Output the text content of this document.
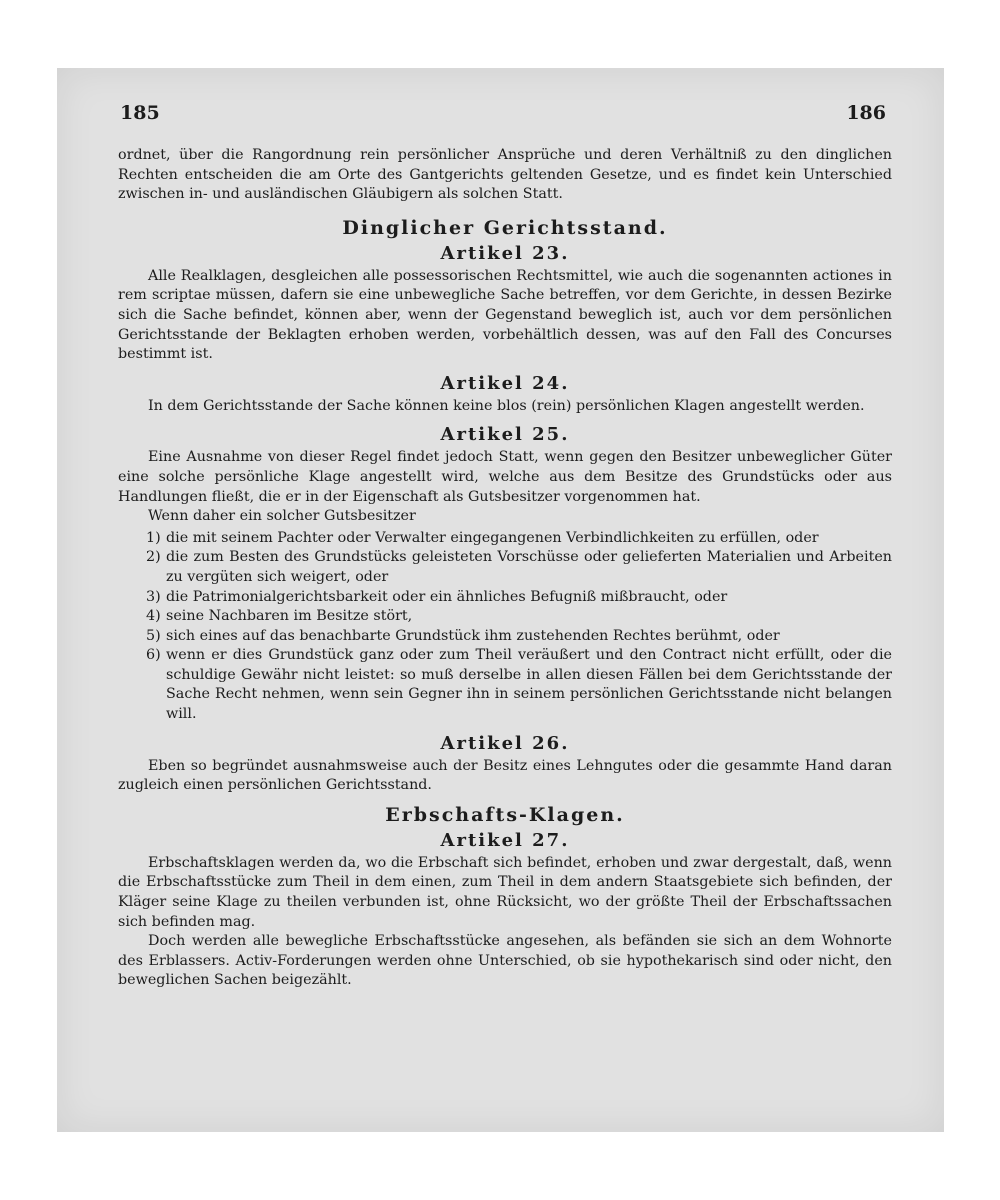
185	186

ordnet, über die Rangordnung rein persönlicher Ansprüche und deren Verhältniß zu den dinglichen Rechten entscheiden die am Orte des Gantgerichts geltenden Gesetze, und es findet kein Unterschied zwischen in- und ausländischen Gläubigern als solchen Statt.

Dinglicher Gerichtsstand.
Artikel 23.

Alle Realklagen, desgleichen alle possessorischen Rechtsmittel, wie auch die sogenannten actiones in rem scriptae müssen, dafern sie eine unbewegliche Sache betreffen, vor dem Gerichte, in dessen Bezirke sich die Sache befindet, können aber, wenn der Gegenstand beweglich ist, auch vor dem persönlichen Gerichtsstande der Beklagten erhoben werden, vorbehältlich dessen, was auf den Fall des Concurses bestimmt ist.

Artikel 24.

In dem Gerichtsstande der Sache können keine blos (rein) persönlichen Klagen angestellt werden.

Artikel 25.

Eine Ausnahme von dieser Regel findet jedoch Statt, wenn gegen den Besitzer unbeweglicher Güter eine solche persönliche Klage angestellt wird, welche aus dem Besitze des Grundstücks oder aus Handlungen fließt, die er in der Eigenschaft als Gutsbesitzer vorgenommen hat.

Wenn daher ein solcher Gutsbesitzer

1) die mit seinem Pachter oder Verwalter eingegangenen Verbindlichkeiten zu erfüllen, oder
2) die zum Besten des Grundstücks geleisteten Vorschüsse oder gelieferten Materialien und Arbeiten zu vergüten sich weigert, oder
3) die Patrimonialgerichtsbarkeit oder ein ähnliches Befugniß mißbraucht, oder
4) seine Nachbaren im Besitze stört,
5) sich eines auf das benachbarte Grundstück ihm zustehenden Rechtes berühmt, oder
6) wenn er dies Grundstück ganz oder zum Theil veräußert und den Contract nicht erfüllt, oder die schuldige Gewähr nicht leistet: so muß derselbe in allen diesen Fällen bei dem Gerichtsstande der Sache Recht nehmen, wenn sein Gegner ihn in seinem persönlichen Gerichtsstande nicht belangen will.
Artikel 26.

Eben so begründet ausnahmsweise auch der Besitz eines Lehngutes oder die gesammte Hand daran zugleich einen persönlichen Gerichtsstand.

Erbschafts-Klagen.
Artikel 27.

Erbschaftsklagen werden da, wo die Erbschaft sich befindet, erhoben und zwar dergestalt, daß, wenn die Erbschaftsstücke zum Theil in dem einen, zum Theil in dem andern Staatsgebiete sich befinden, der Kläger seine Klage zu theilen verbunden ist, ohne Rücksicht, wo der größte Theil der Erbschaftssachen sich befinden mag.

Doch werden alle bewegliche Erbschaftsstücke angesehen, als befänden sie sich an dem Wohnorte des Erblassers. Activ-Forderungen werden ohne Unterschied, ob sie hypothekarisch sind oder nicht, den beweglichen Sachen beigezählt.
